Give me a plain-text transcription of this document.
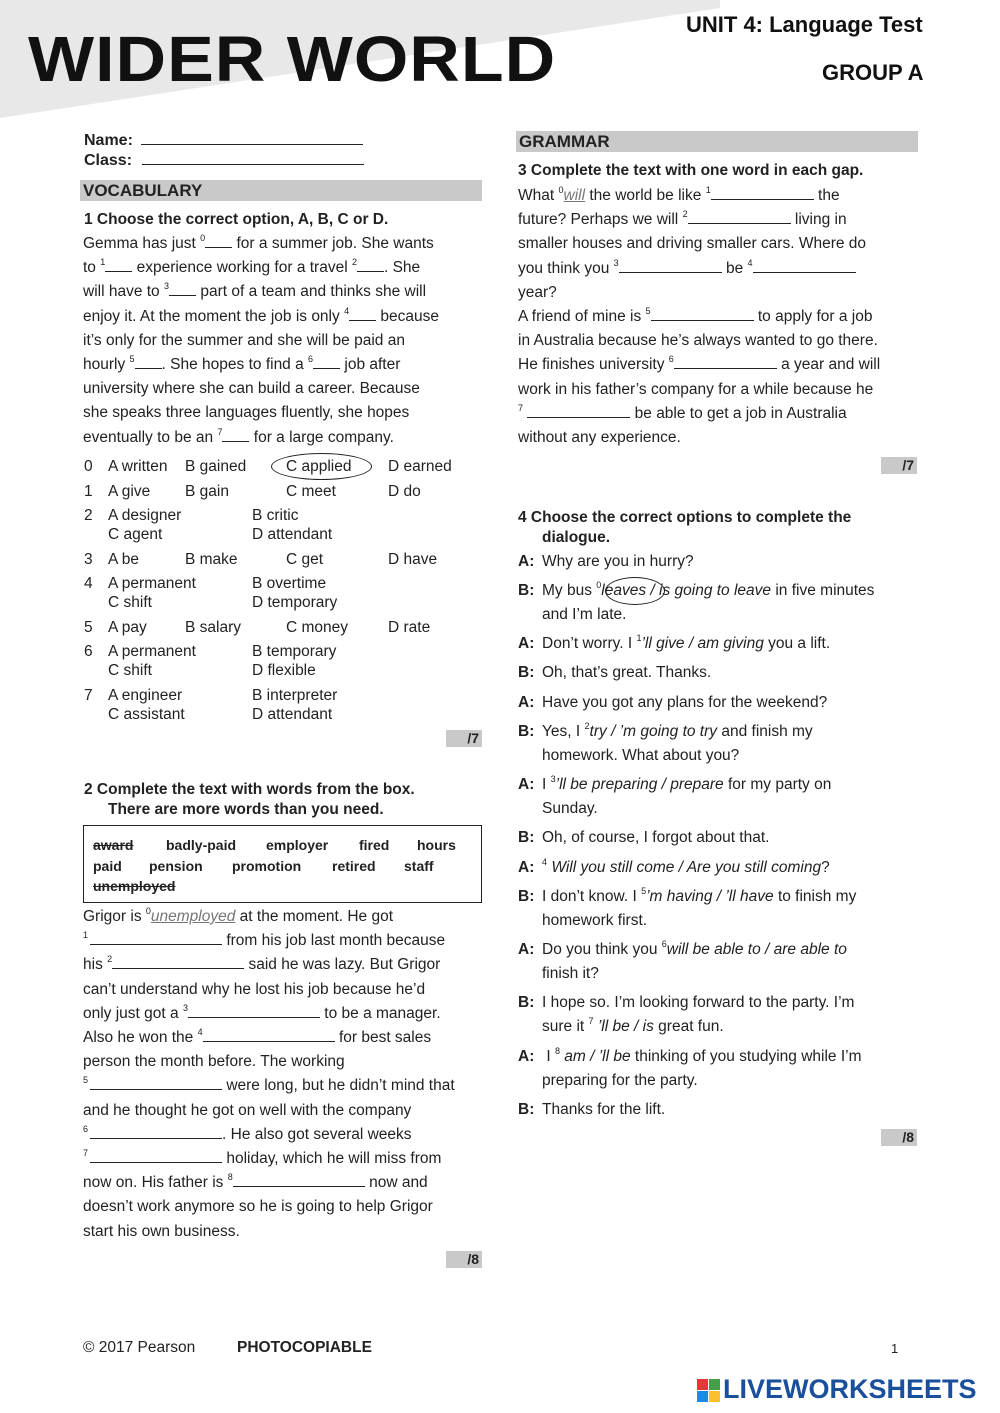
WIDER WORLD	UNIT 4: Language Test
GROUP A
Name:
Class:
VOCABULARY
1 Choose the correct option, A, B, C or D.
Gemma has just $^0$ for a summer job. She wants
to $^1$ experience working for a travel $^2$ . She
will have to $^3$ part of a team and thinks she will
enjoy it. At the moment the job is only $^4$ because
it’s only for the summer and she will be paid an
hourly $^5$ . She hopes to find a $^6$ job after
university where she can build a career. Because
she speaks three languages fluently, she hopes
eventually to be an $^7$ for a large company.
0 A written B gained	C applied D earned
1 A give B gain	C meet	D do
2 A designer	B critic
C agent	D attendant
3 A be	B make	C get	D have
4 A permanent	B overtime
C shift	D temporary
5 A pay B salary	C money	D rate
6 A permanent	B temporary
C shift	D flexible
7 A engineer	B interpreter
C assistant	D attendant
/7
2 Complete the text with words from the box.
There are more words than you need.
award badly-paid employer fired hours
paid pension promotion retired staff
unemployed
Grigor is $^0$unemployed at the moment. He got
$^1$	from his job last month because
his $^2$	said he was lazy. But Grigor
can’t understand why he lost his job because he’d
only just got a $^3$	to be a manager.
Also he won the $^4$	for best sales
person the month before. The working
$^5$	were long, but he didn’t mind that
and he thought he got on well with the company
$^6$	. He also got several weeks
$^7$	holiday, which he will miss from
now on. His father is $^8$	now and
doesn’t work anymore so he is going to help Grigor
start his own business.
/8
GRAMMAR
3 Complete the text with one word in each gap.
What $^0$will the world be like $^1$	the
future? Perhaps we will $^2$	living in
smaller houses and driving smaller cars. Where do
you think you $^3$	be $^4$
year?
A friend of mine is $^5$	to apply for a job
in Australia because he’s always wanted to go there.
He finishes university $^6$	a year and will
work in his father’s company for a while because he
$^7$	be able to get a job in Australia
without any experience.
/7
4 Choose the correct options to complete the
dialogue.
A: Why are you in hurry?
B: My bus $^0$leaves / is going to leave in five minutes
and I’m late.
A: Don’t worry. I $^1$’ll give / am giving you a lift.
B: Oh, that’s great. Thanks.
A: Have you got any plans for the weekend?
B: Yes, I $^2$try / ’m going to try and finish my
homework. What about you?
A: I $^3$’ll be preparing / prepare for my party on
Sunday.
B: Oh, of course, I forgot about that.
A: $^4$ Will you still come / Are you still coming?
B: I don’t know. I $^5$’m having / ’ll have to finish my
homework first.
A: Do you think you $^6$will be able to / are able to
finish it?
B: I hope so. I’m looking forward to the party. I’m
sure it $^7$ ’ll be / is great fun.
A: I $^8$ am / ’ll be thinking of you studying while I’m
preparing for the party.
B: Thanks for the lift.
/8
© 2017 Pearson	PHOTOCOPIABLE	1
LIVEWORKSHEETS
